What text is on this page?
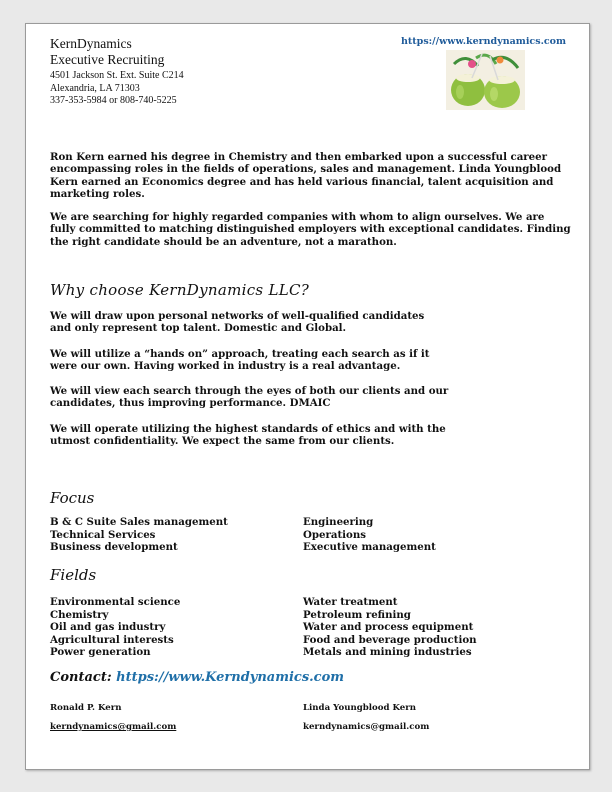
KernDynamics
Executive Recruiting
4501 Jackson St. Ext. Suite C214
Alexandria, LA 71303
337-353-5984 or 808-740-5225
https://www.kerndynamics.com
Ron Kern earned his degree in Chemistry and then embarked upon a successful career encompassing roles in the fields of operations, sales and management. Linda Youngblood Kern earned an Economics degree and has held various financial, talent acquisition and marketing roles.
We are searching for highly regarded companies with whom to align ourselves. We are fully committed to matching distinguished employers with exceptional candidates. Finding the right candidate should be an adventure, not a marathon.
Why choose KernDynamics LLC?

We will draw upon personal networks of well-qualified candidates

and only represent top talent. Domestic and Global.

We will utilize a “hands on” approach, treating each search as if it

were our own. Having worked in industry is a real advantage.

We will view each search through the eyes of both our clients and our

candidates, thus improving performance. DMAIC

We will operate utilizing the highest standards of ethics and with the

utmost confidentiality. We expect the same from our clients.

Focus
B & C Suite Sales management
Technical Services
Business development
Engineering
Operations
Executive management
Fields
Environmental science
Chemistry
Oil and gas industry
Agricultural interests
Power generation
Water treatment
Petroleum refining
Water and process equipment
Food and beverage production
Metals and mining industries
Contact: https://www.Kerndynamics.com
Ronald P. Kern
kerndynamics@gmail.com
Linda Youngblood Kern
kerndynamics@gmail.com
